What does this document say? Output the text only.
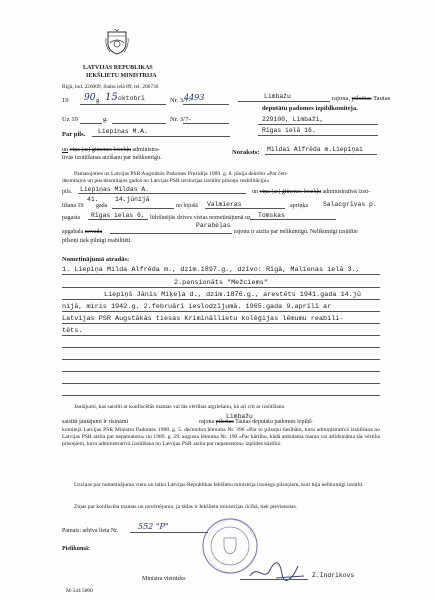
LATVIJAS REPUBLIKAS
IEKŠLIETU MINISTRIJA
Rīgā, ind. 226009, Stabu ielā 89, tel. 206736
19 90 g. 15 oktobrī	Nr. 3/7-
4493
Uz 19	g.	Nr. 3/7-
Par pils. Liepiņas M.A.
un viņa (as) ģimenes locekļu administra-
tīvās izsūtīšanas atzīšanu par nelikumīgu.
Limbažu	rajona, pilsētas Tautas
deputātu padomes izpildkomiteja.
229100, Limbaži,
Rīgas ielā 16.
Noraksts: Mildai Alfrēda m.Liepiņai
Pamatojoties uz Latvijas PSR Augstākās Padomes Prezidija 1989. g. 8. jūnija dekrētu «Par četr-
desmitajos un piecdesmitajos gados no Latvijas PSR teritorijas izsūtīto pilsoņu reabilitāciju»
pils. Liepiņas Mildas A.	un viņa (as) ģimenes locekļu administratīvā izsū-
tīšana 19
41.
gada
14.jūnijā
no bijušā Valmieras	apriņķa Salacgrīvas p.
pagasta Rīgas ielas 6, līdzšinējās dzīves vietas nometinājumā uz Tomskas
Parabeļas
apgabala novada	rajonu ir atzīta par nelikumīgu. Nelikumīgi izsūtītie
pilsoņi tiek pilnīgi reabilitēti.
Nometinājumā atradās:
1. Liepiņa Milda Alfrēda m., dzim.1897.g., dzīvo: Rīgā, Malienas ielā 3.,
2.pansionāts "Mežciems"
Liepiņš Jānis Miķeļa d., dzim.1876.g., arestēts 1941.gada 14.jū
nijā, miris 1942.g. 2.februārī ieslodzījumā. 1965.gada 9.aprīlī ar
Latvijas PSR Augstākās tiesas Krimināllietu kolēģijas lēmumu reabili-
tēts.
Jautājumi, kas saistīti ar konfiscētās mantas vai tās vērtības atgriešanu, kā arī citi ar izsūtīšanu
Limbažu
saistīti jautājumi ir risināmi	rajona pilsētas Tautas deputātu padomes izpild-
komitejā Latvijas PSR Ministru Padomes 1988. g. 5. decembra lēmuma Nr. 396 «Par to pilsoņu tiesībām, kuru administratīvā izsūtīšana no Latvijas PSR atzīta par nepamatotu» un 1989. g. 29. augusta lēmuma Nr. 190 «Par kārtību, kādā atdodama manta vai atlīdzināma tās vērtība pilsoņiem, kuru administratīvā izsūtīšana no Latvijas PSR atzīta par nepamatotu» izpildes kārtībā.
Uzziņas par nometinājuma vietu un laiku Latvijas Republikas Iekšlietu ministrija izsniegs pilsoņiem, kuri bija nelikumīgi izsūtīti.
Ziņas par konfiscēta mantas un novērtējumu, ja tādas ir Iekšlietu ministrijas rīcībā, tiek pievienotas.
Pamats: arhīva lieta Nr. 552 "P"
Pielikumā:
Ministra vietnieks	Z.Indrikovs
M-544 5000
